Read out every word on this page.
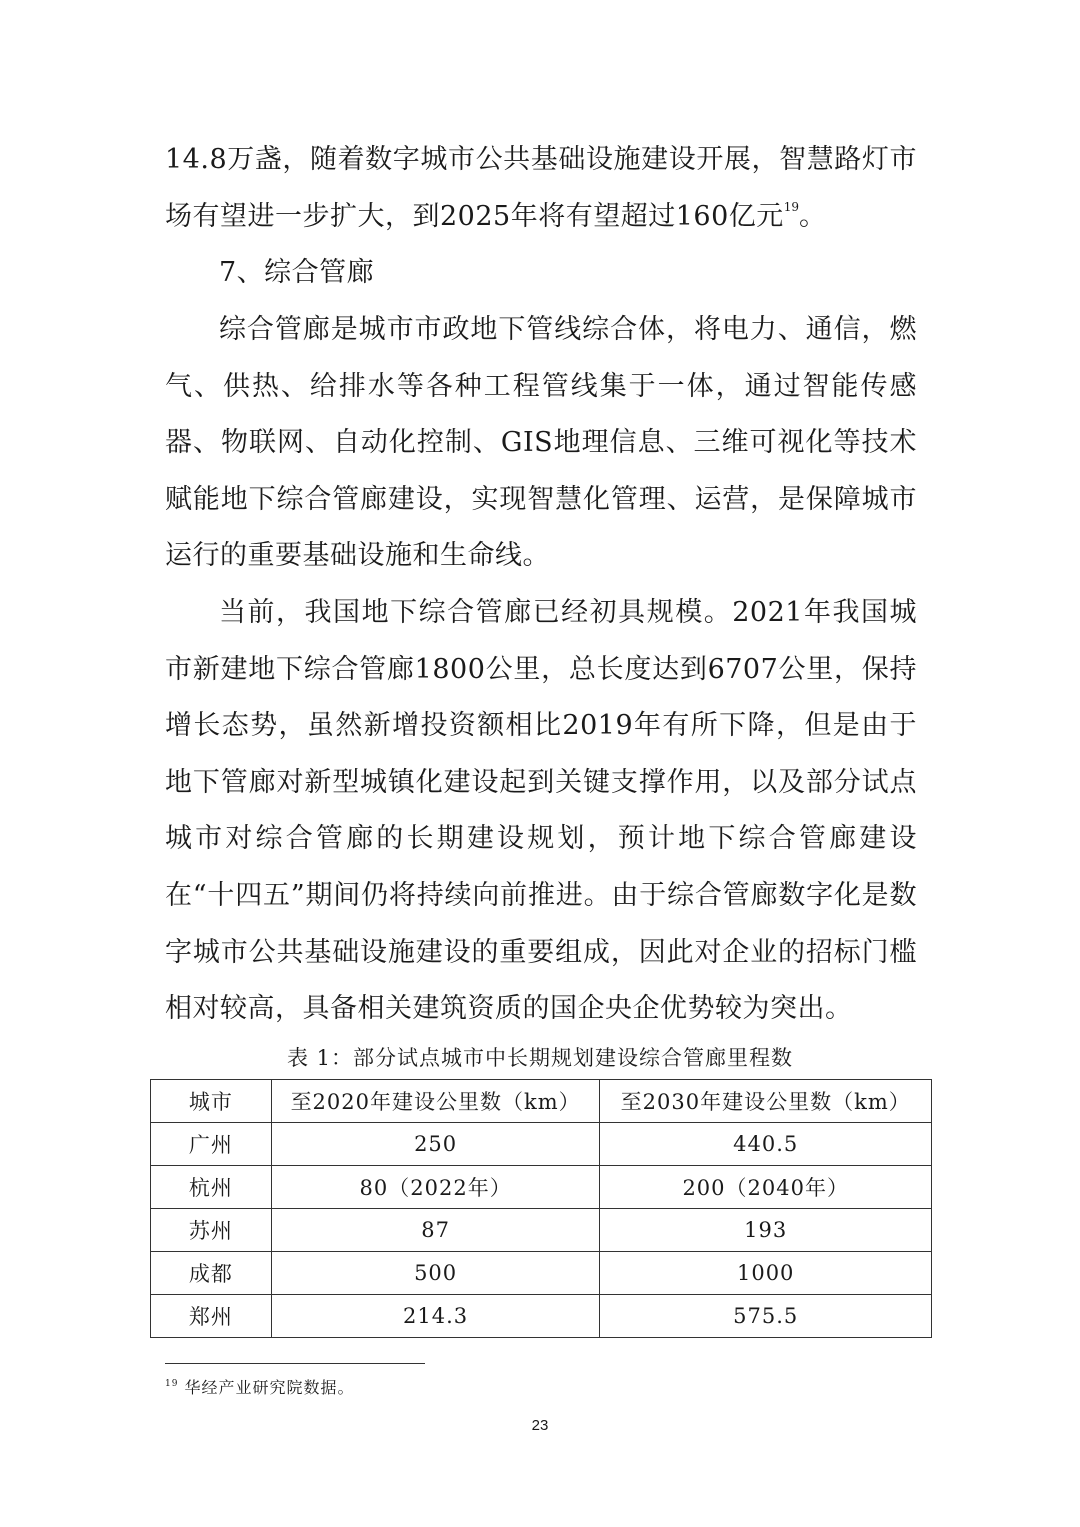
14.8万盏，随着数字城市公共基础设施建设开展，智慧路灯市场有望进一步扩大，到2025年将有望超过160亿元$^{19}$。

7、综合管廊

综合管廊是城市市政地下管线综合体，将电力、通信，燃气、供热、给排水等各种工程管线集于一体，通过智能传感器、物联网、自动化控制、GIS地理信息、三维可视化等技术赋能地下综合管廊建设，实现智慧化管理、运营，是保障城市运行的重要基础设施和生命线。

当前，我国地下综合管廊已经初具规模。2021年我国城市新建地下综合管廊1800公里，总长度达到6707公里，保持增长态势，虽然新增投资额相比2019年有所下降，但是由于地下管廊对新型城镇化建设起到关键支撑作用，以及部分试点城市对综合管廊的长期建设规划，预计地下综合管廊建设在“十四五”期间仍将持续向前推进。由于综合管廊数字化是数字城市公共基础设施建设的重要组成，因此对企业的招标门槛相对较高，具备相关建筑资质的国企央企优势较为突出。

表 1：部分试点城市中长期规划建设综合管廊里程数

城市	至2020年建设公里数（km）	至2030年建设公里数（km）
广州	250	440.5
杭州	80（2022年）	200（2040年）
苏州	87	193
成都	500	1000
郑州	214.3	575.5

$^{19}$ 华经产业研究院数据。

23
